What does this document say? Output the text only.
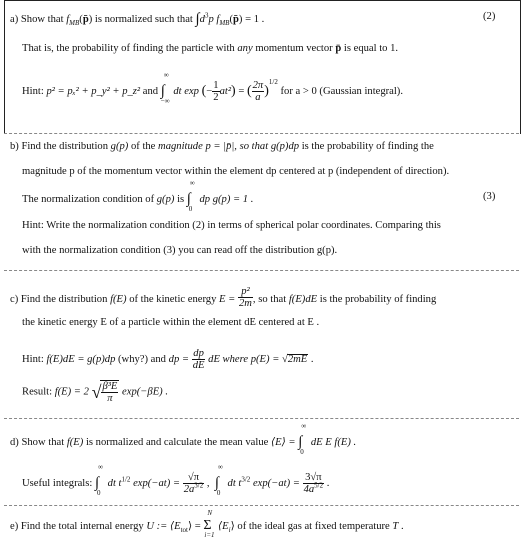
a) Show that $f_{MB}(p̄)$ is normalized such that $\int d^3p$ $f_{MB}(p̄) = 1$ .	(2)
That is, the probability of finding the particle with any momentum vector p̄ is equal to 1.
Hint: p² = pₓ² + p_y² + p_z² and
∞
∫
−∞
dt exp (− $\frac{1}{2} at^2$) = ( $\frac{2\pi}{a} )^{1/2}$ for a > 0 (Gaussian integral).
b) Find the distribution g(p) of the magnitude p = |p̄|, so that g(p)dp is the probability of finding the
magnitude p of the momentum vector within the element dp centered at p (independent of direction).
The normalization condition of g(p) is
∞
∫
0
dp g(p) = 1 .	(3)
Hint: Write the normalization condition (2) in terms of spherical polar coordinates. Comparing this
with the normalization condition (3) you can read off the distribution g(p).
c) Find the distribution f(E) of the kinetic energy $E = \frac{\text{p²}}{2m}$ , so that f(E)dE is the probability of finding
the kinetic energy E of a particle within the element dE centered at E .
Hint: f(E)dE = g(p)dp (why?) and dp = $\frac{dp}{dE}$ dE where p(E) = √2mE .
Result: f(E) = 2 √ $\frac{\text{β³E}}{\pi} \exp(-\beta E)$ .
d) Show that f(E) is normalized and calculate the mean value ⟨E⟩ =
∞
∫
0
dE E f(E) .
Useful integrals:
∞
∫
0
dt $t^{1/2}$ $\exp(-at) = \frac{√\pi}{2a^{3/2}}$ ,
∞
∫
0
dt $t^{3/2}$ $\exp(-at) = \frac{3√\pi}{4a^{5/2}}$ .
e) Find the total internal energy U := $⟨E_{tot}⟩$ =
N
Σ
i=1
$⟨E_i⟩$ of the ideal gas at fixed temperature T .
